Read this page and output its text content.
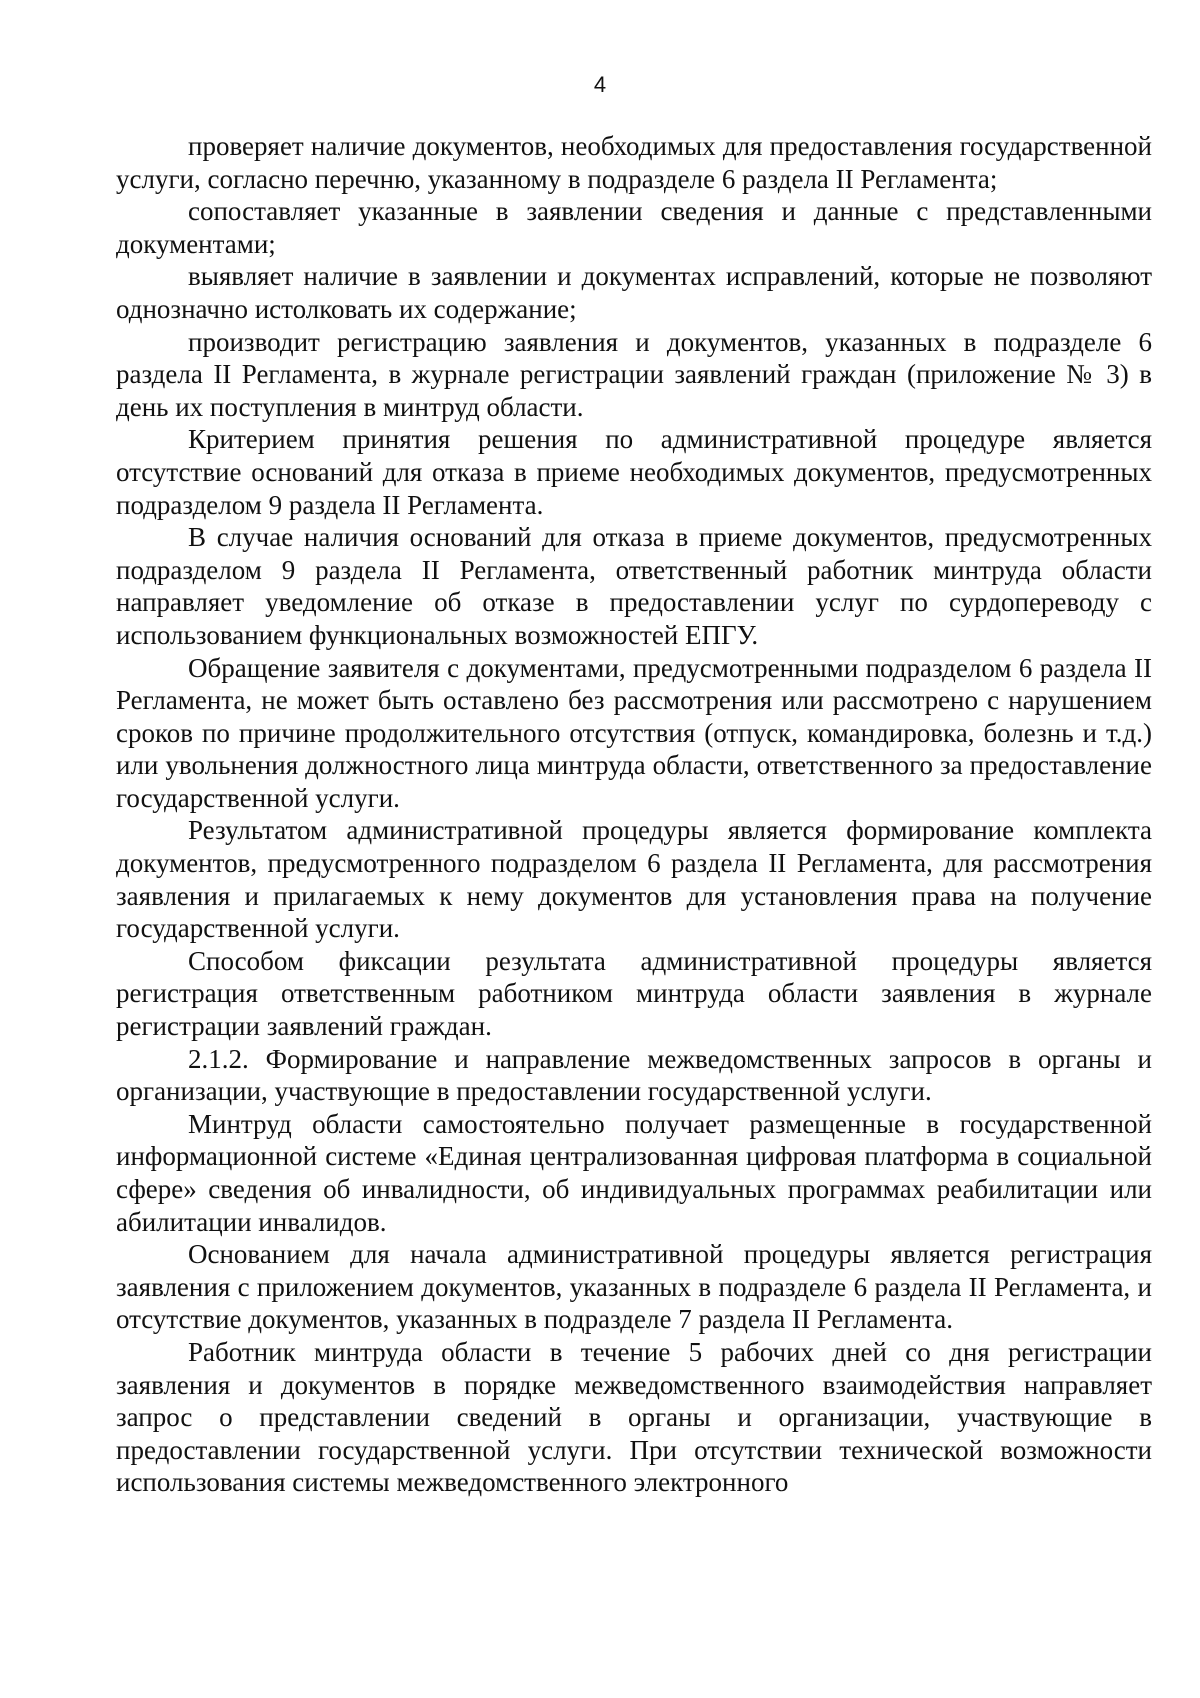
4

проверяет наличие документов, необходимых для предоставления государственной услуги, согласно перечню, указанному в подразделе 6 раздела II Регламента;

сопоставляет указанные в заявлении сведения и данные с представленными документами;

выявляет наличие в заявлении и документах исправлений, которые не позволяют однозначно истолковать их содержание;

производит регистрацию заявления и документов, указанных в подразделе 6 раздела II Регламента, в журнале регистрации заявлений граждан (приложение № 3) в день их поступления в минтруд области.

Критерием принятия решения по административной процедуре является отсутствие оснований для отказа в приеме необходимых документов, предусмотренных подразделом 9 раздела II Регламента.

В случае наличия оснований для отказа в приеме документов, предусмотренных подразделом 9 раздела II Регламента, ответственный работник минтруда области направляет уведомление об отказе в предоставлении услуг по сурдопереводу с использованием функциональных возможностей ЕПГУ.

Обращение заявителя с документами, предусмотренными подразделом 6 раздела II Регламента, не может быть оставлено без рассмотрения или рассмотрено с нарушением сроков по причине продолжительного отсутствия (отпуск, командировка, болезнь и т.д.) или увольнения должностного лица минтруда области, ответственного за предоставление государственной услуги.

Результатом административной процедуры является формирование комплекта документов, предусмотренного подразделом 6 раздела II Регламента, для рассмотрения заявления и прилагаемых к нему документов для установления права на получение государственной услуги.

Способом фиксации результата административной процедуры является регистрация ответственным работником минтруда области заявления в журнале регистрации заявлений граждан.

2.1.2. Формирование и направление межведомственных запросов в органы и организации, участвующие в предоставлении государственной услуги.

Минтруд области самостоятельно получает размещенные в государственной информационной системе «Единая централизованная цифровая платформа в социальной сфере» сведения об инвалидности, об индивидуальных программах реабилитации или абилитации инвалидов.

Основанием для начала административной процедуры является регистрация заявления с приложением документов, указанных в подразделе 6 раздела II Регламента, и отсутствие документов, указанных в подразделе 7 раздела II Регламента.

Работник минтруда области в течение 5 рабочих дней со дня регистрации заявления и документов в порядке межведомственного взаимодействия направляет запрос о представлении сведений в органы и организации, участвующие в предоставлении государственной услуги. При отсутствии технической возможности использования системы межведомственного электронного
